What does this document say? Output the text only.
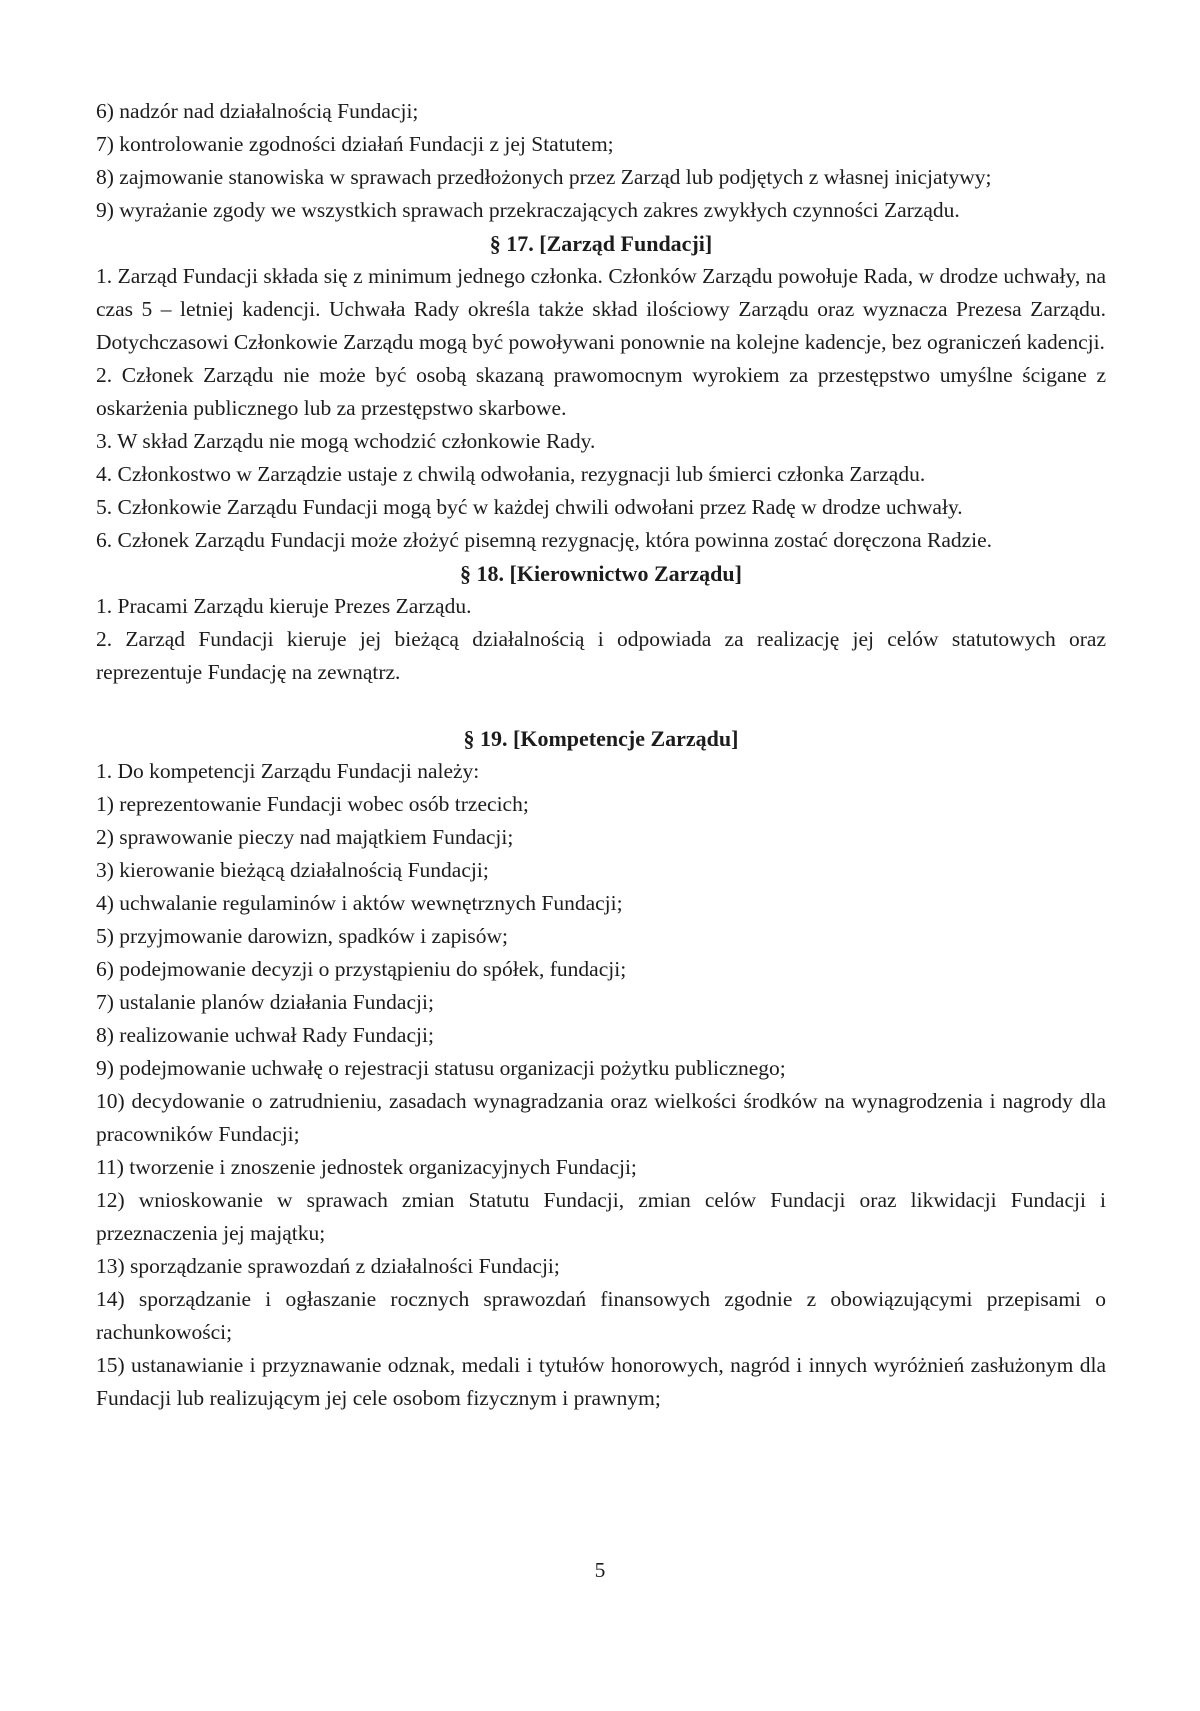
6) nadzór nad działalnością Fundacji;

7) kontrolowanie zgodności działań Fundacji z jej Statutem;

8) zajmowanie stanowiska w sprawach przedłożonych przez Zarząd lub podjętych z własnej inicjatywy;

9) wyrażanie zgody we wszystkich sprawach przekraczających zakres zwykłych czynności Zarządu.

§ 17. [Zarząd Fundacji]

1. Zarząd Fundacji składa się z minimum jednego członka. Członków Zarządu powołuje Rada, w drodze uchwały, na czas 5 – letniej kadencji. Uchwała Rady określa także skład ilościowy Zarządu oraz wyznacza Prezesa Zarządu. Dotychczasowi Członkowie Zarządu mogą być powoływani ponownie na kolejne kadencje, bez ograniczeń kadencji.

2. Członek Zarządu nie może być osobą skazaną prawomocnym wyrokiem za przestępstwo umyślne ścigane z oskarżenia publicznego lub za przestępstwo skarbowe.

3. W skład Zarządu nie mogą wchodzić członkowie Rady.

4. Członkostwo w Zarządzie ustaje z chwilą odwołania, rezygnacji lub śmierci członka Zarządu.

5. Członkowie Zarządu Fundacji mogą być w każdej chwili odwołani przez Radę w drodze uchwały.

6. Członek Zarządu Fundacji może złożyć pisemną rezygnację, która powinna zostać doręczona Radzie.

§ 18. [Kierownictwo Zarządu]

1. Pracami Zarządu kieruje Prezes Zarządu.

2. Zarząd Fundacji kieruje jej bieżącą działalnością i odpowiada za realizację jej celów statutowych oraz reprezentuje Fundację na zewnątrz.

§ 19. [Kompetencje Zarządu]

1. Do kompetencji Zarządu Fundacji należy:

1) reprezentowanie Fundacji wobec osób trzecich;

2) sprawowanie pieczy nad majątkiem Fundacji;

3) kierowanie bieżącą działalnością Fundacji;

4) uchwalanie regulaminów i aktów wewnętrznych Fundacji;

5) przyjmowanie darowizn, spadków i zapisów;

6) podejmowanie decyzji o przystąpieniu do spółek, fundacji;

7) ustalanie planów działania Fundacji;

8) realizowanie uchwał Rady Fundacji;

9) podejmowanie uchwałę o rejestracji statusu organizacji pożytku publicznego;

10) decydowanie o zatrudnieniu, zasadach wynagradzania oraz wielkości środków na wynagrodzenia i nagrody dla pracowników Fundacji;

11) tworzenie i znoszenie jednostek organizacyjnych Fundacji;

12) wnioskowanie w sprawach zmian Statutu Fundacji, zmian celów Fundacji oraz likwidacji Fundacji i przeznaczenia jej majątku;

13) sporządzanie sprawozdań z działalności Fundacji;

14) sporządzanie i ogłaszanie rocznych sprawozdań finansowych zgodnie z obowiązującymi przepisami o rachunkowości;

15) ustanawianie i przyznawanie odznak, medali i tytułów honorowych, nagród i innych wyróżnień zasłużonym dla Fundacji lub realizującym jej cele osobom fizycznym i prawnym;

5
